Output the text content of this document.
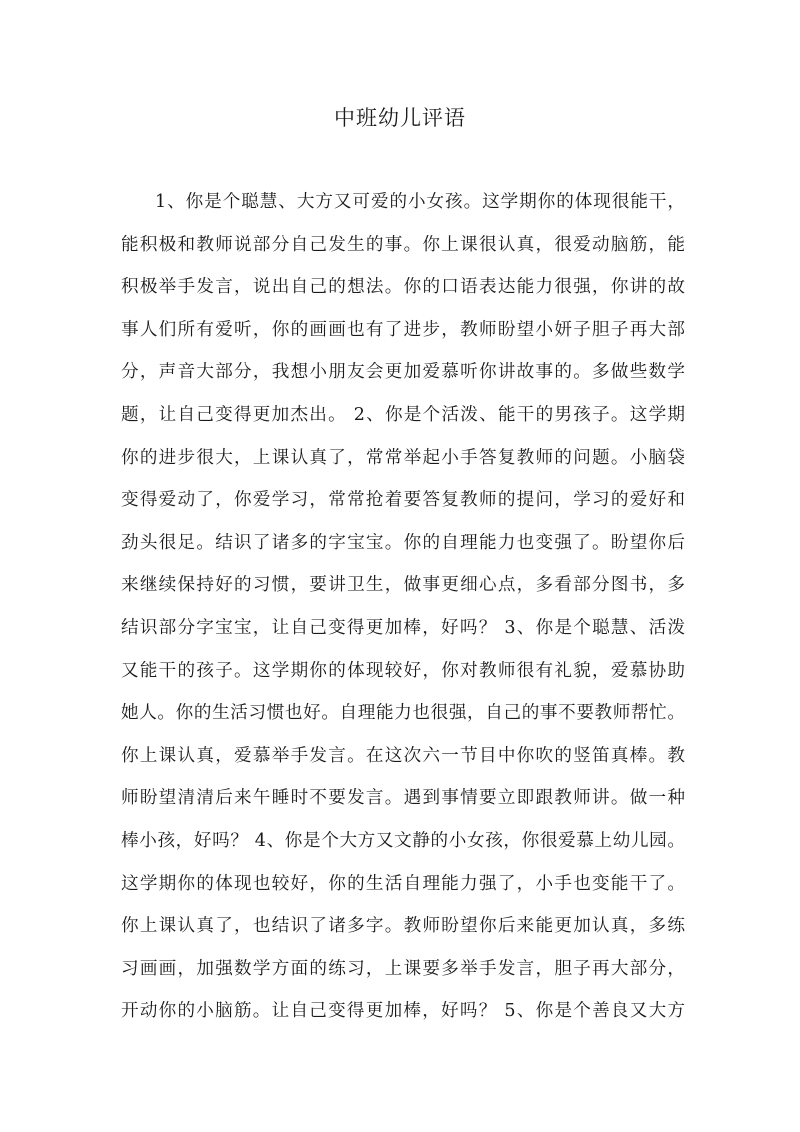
中班幼儿评语
1、你是个聪慧、大方又可爱的小女孩。这学期你的体现很能干，
能积极和教师说部分自己发生的事。你上课很认真，很爱动脑筋，能
积极举手发言，说出自己的想法。你的口语表达能力很强，你讲的故
事人们所有爱听，你的画画也有了进步，教师盼望小妍子胆子再大部
分，声音大部分，我想小朋友会更加爱慕听你讲故事的。多做些数学
题，让自己变得更加杰出。 2、你是个活泼、能干的男孩子。这学期
你的进步很大，上课认真了，常常举起小手答复教师的问题。小脑袋
变得爱动了，你爱学习，常常抢着要答复教师的提问，学习的爱好和
劲头很足。结识了诸多的字宝宝。你的自理能力也变强了。盼望你后
来继续保持好的习惯，要讲卫生，做事更细心点，多看部分图书，多
结识部分字宝宝，让自己变得更加棒，好吗？ 3、你是个聪慧、活泼
又能干的孩子。这学期你的体现较好，你对教师很有礼貌，爱慕协助
她人。你的生活习惯也好。自理能力也很强，自己的事不要教师帮忙。
你上课认真，爱慕举手发言。在这次六一节目中你吹的竖笛真棒。教
师盼望清清后来午睡时不要发言。遇到事情要立即跟教师讲。做一种
棒小孩，好吗？ 4、你是个大方又文静的小女孩，你很爱慕上幼儿园。
这学期你的体现也较好，你的生活自理能力强了，小手也变能干了。
你上课认真了，也结识了诸多字。教师盼望你后来能更加认真，多练
习画画，加强数学方面的练习，上课要多举手发言，胆子再大部分，
开动你的小脑筋。让自己变得更加棒，好吗？ 5、你是个善良又大方
